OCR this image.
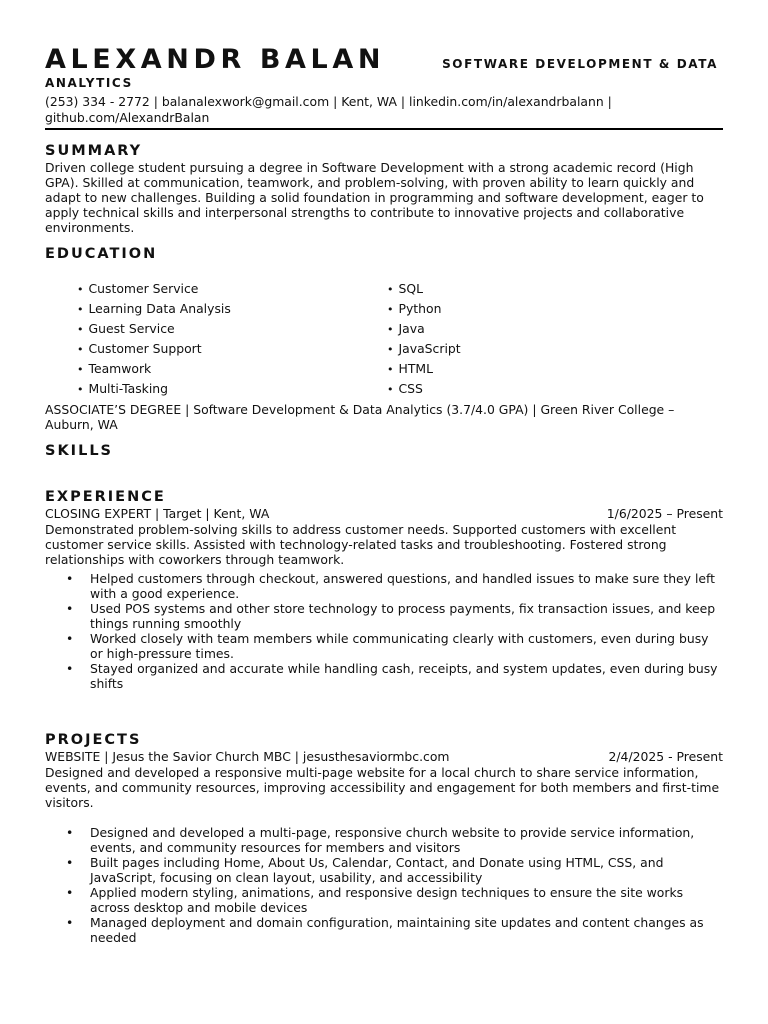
ALEXANDR BALAN	SOFTWARE DEVELOPMENT & DATA
ANALYTICS
(253) 334 - 2772 | balanalexwork@gmail.com | Kent, WA | linkedin.com/in/alexandrbalann |
github.com/AlexandrBalan
SUMMARY
Driven college student pursuing a degree in Software Development with a strong academic record (High GPA). Skilled at communication, teamwork, and problem-solving, with proven ability to learn quickly and adapt to new challenges. Building a solid foundation in programming and software development, eager to apply technical skills and interpersonal strengths to contribute to innovative projects and collaborative environments.
EDUCATION
• Customer Service
• Learning Data Analysis
• Guest Service
• Customer Support
• Teamwork
• Multi-Tasking
• SQL
• Python
• Java
• JavaScript
• HTML
• CSS
ASSOCIATE’S DEGREE | Software Development & Data Analytics (3.7/4.0 GPA) | Green River College – Auburn, WA
SKILLS
EXPERIENCE
CLOSING EXPERT | Target | Kent, WA	1/6/2025 – Present
Demonstrated problem-solving skills to address customer needs. Supported customers with excellent customer service skills. Assisted with technology-related tasks and troubleshooting. Fostered strong relationships with coworkers through teamwork.
• Helped customers through checkout, answered questions, and handled issues to make sure they left with a good experience.
• Used POS systems and other store technology to process payments, fix transaction issues, and keep things running smoothly
• Worked closely with team members while communicating clearly with customers, even during busy or high-pressure times.
• Stayed organized and accurate while handling cash, receipts, and system updates, even during busy shifts
PROJECTS
WEBSITE | Jesus the Savior Church MBC | jesusthesaviormbc.com	2/4/2025 - Present
Designed and developed a responsive multi-page website for a local church to share service information, events, and community resources, improving accessibility and engagement for both members and first-time visitors.
• Designed and developed a multi-page, responsive church website to provide service information, events, and community resources for members and visitors
• Built pages including Home, About Us, Calendar, Contact, and Donate using HTML, CSS, and JavaScript, focusing on clean layout, usability, and accessibility
• Applied modern styling, animations, and responsive design techniques to ensure the site works across desktop and mobile devices
• Managed deployment and domain configuration, maintaining site updates and content changes as needed
